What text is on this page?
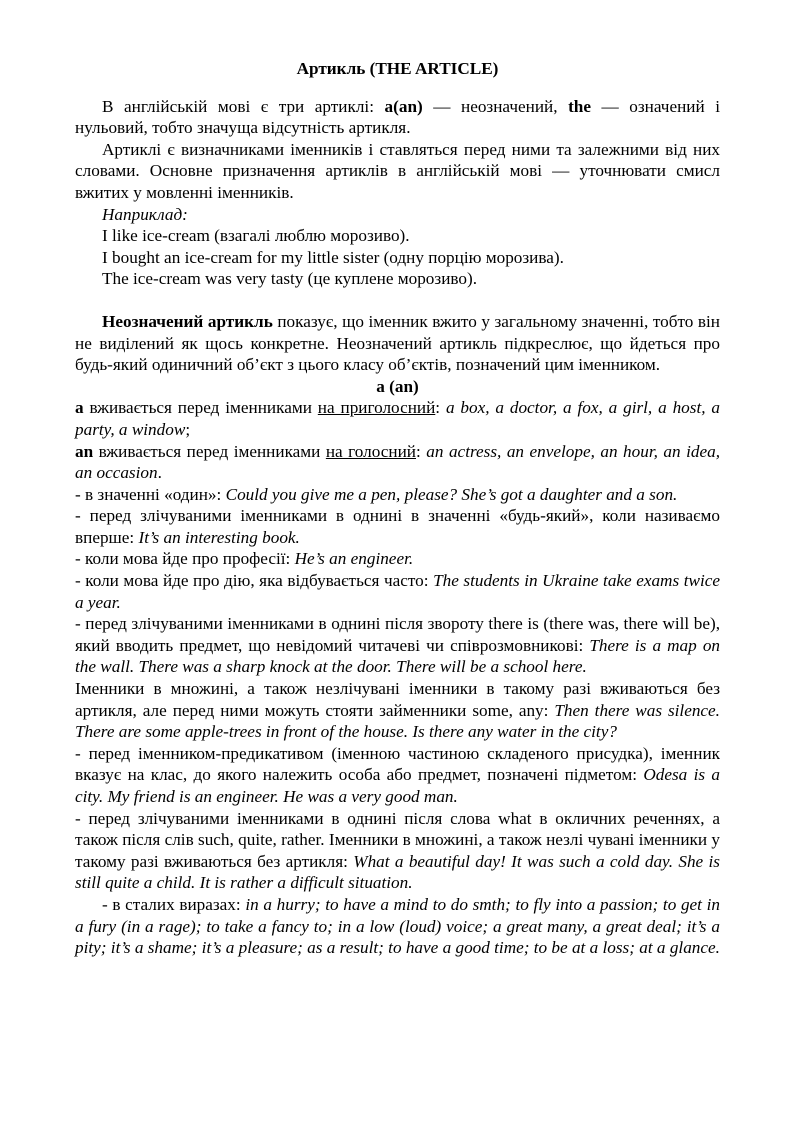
Артикль (THE ARTICLE)

В англійській мові є три артиклі: a(an) — неозначений, the — означений і нульовий, тобто значуща відсутність артикля.

Артиклі є визначниками іменників і ставляться перед ними та залежними від них словами. Основне призначення артиклів в англійській мові — уточнювати смисл вжитих у мовленні іменників.

Наприклад:

I like ice-cream (взагалі люблю морозиво).

I bought an ice-cream for my little sister (одну порцію морозива).

The ice-cream was very tasty (це куплене морозиво).

Неозначений артикль показує, що іменник вжито у загальному значенні, тобто він не виділений як щось конкретне. Неозначений артикль підкреслює, що йдеться про будь-який одиничний об’єкт з цього класу об’єктів, позначений цим іменником.

a (an)

a вживається перед іменниками на приголосний: a box, a doctor, a fox, a girl, a host, a party, a window;

an вживається перед іменниками на голосний: an actress, an envelope, an hour, an idea, an occasion.

- в значенні «один»: Could you give me a pen, please? She’s got a daughter and a son.

- перед злічуваними іменниками в однині в значенні «будь-який», коли називаємо вперше: It’s an interesting book.

- коли мова йде про професії: He’s an engineer.

- коли мова йде про дію, яка відбувається часто: The students in Ukraine take exams twice a year.

- перед злічуваними іменниками в однині після звороту there is (there was, there will be), який вводить предмет, що невідомий читачеві чи співрозмовникові: There is a map on the wall. There was a sharp knock at the door. There will be a school here.

Іменники в множині, а також незлічувані іменники в такому разі вживаються без артикля, але перед ними можуть стояти займенники some, any: Then there was silence. There are some apple-trees in front of the house. Is there any water in the city?

- перед іменником-предикативом (іменною частиною складеного присудка), іменник вказує на клас, до якого належить особа або предмет, позначені підметом: Odesa is a city. My friend is an engineer. He was a very good man.

- перед злічуваними іменниками в однині після слова what в окличних реченнях, а також після слів such, quite, rather. Іменники в множині, а також незлі чувані іменники у такому разі вживаються без артикля: What a beautiful day! It was such a cold day. She is still quite a child. It is rather a difficult situation.

- в сталих виразах: in a hurry; to have a mind to do smth; to fly into a passion; to get in a fury (in a rage); to take a fancy to; in a low (loud) voice; a great many, a great deal; it’s a pity; it’s a shame; it’s a pleasure; as a result; to have a good time; to be at a loss; at a glance.
